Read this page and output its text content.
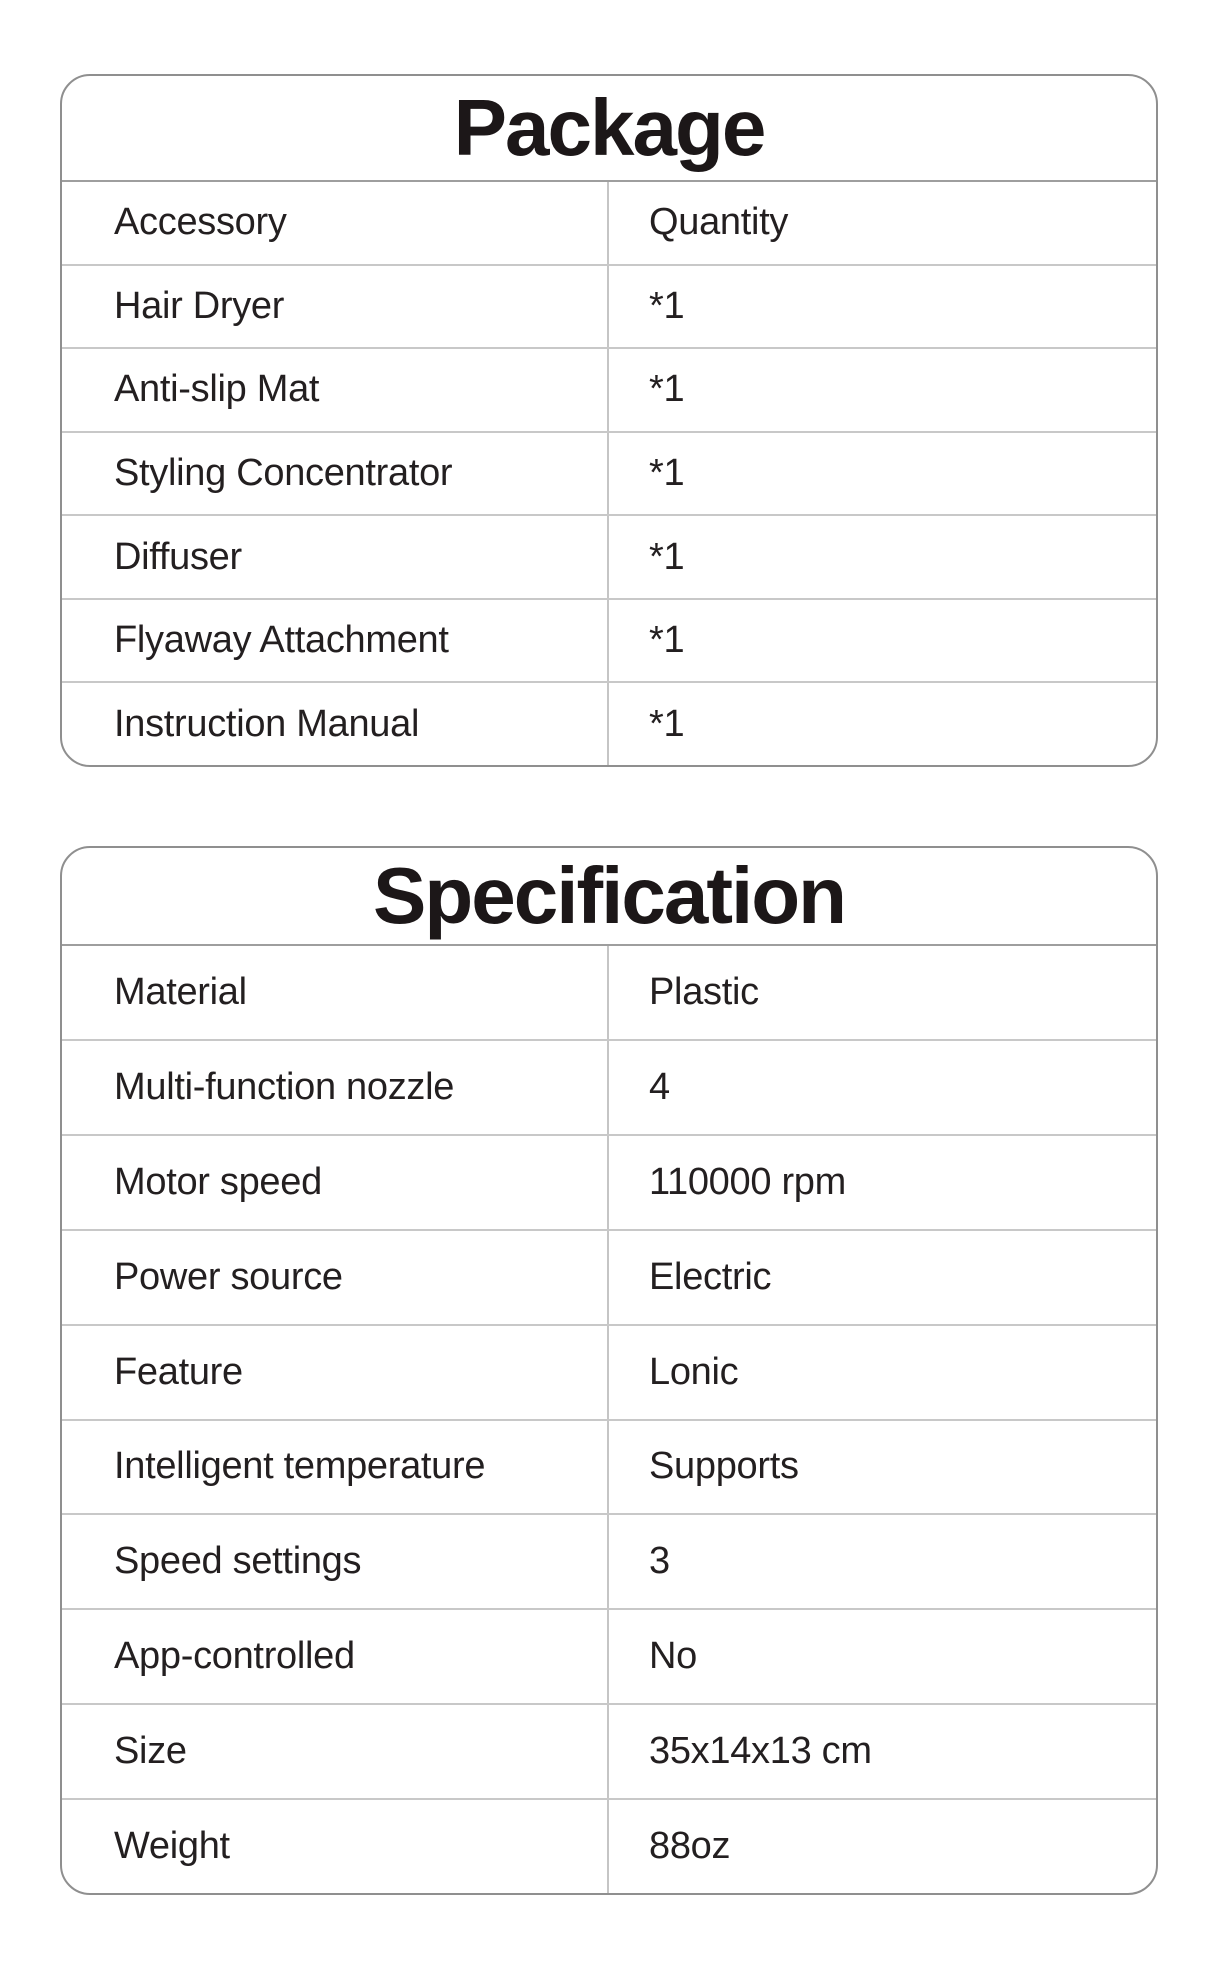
Package
Accessory	Quantity
Hair Dryer	*1
Anti-slip Mat	*1
Styling Concentrator	*1
Diffuser	*1
Flyaway Attachment	*1
Instruction Manual	*1
Specification
Material	Plastic
Multi-function nozzle	4
Motor speed	110000 rpm
Power source	Electric
Feature	Lonic
Intelligent temperature	Supports
Speed settings	3
App-controlled	No
Size	35x14x13 cm
Weight	88oz
